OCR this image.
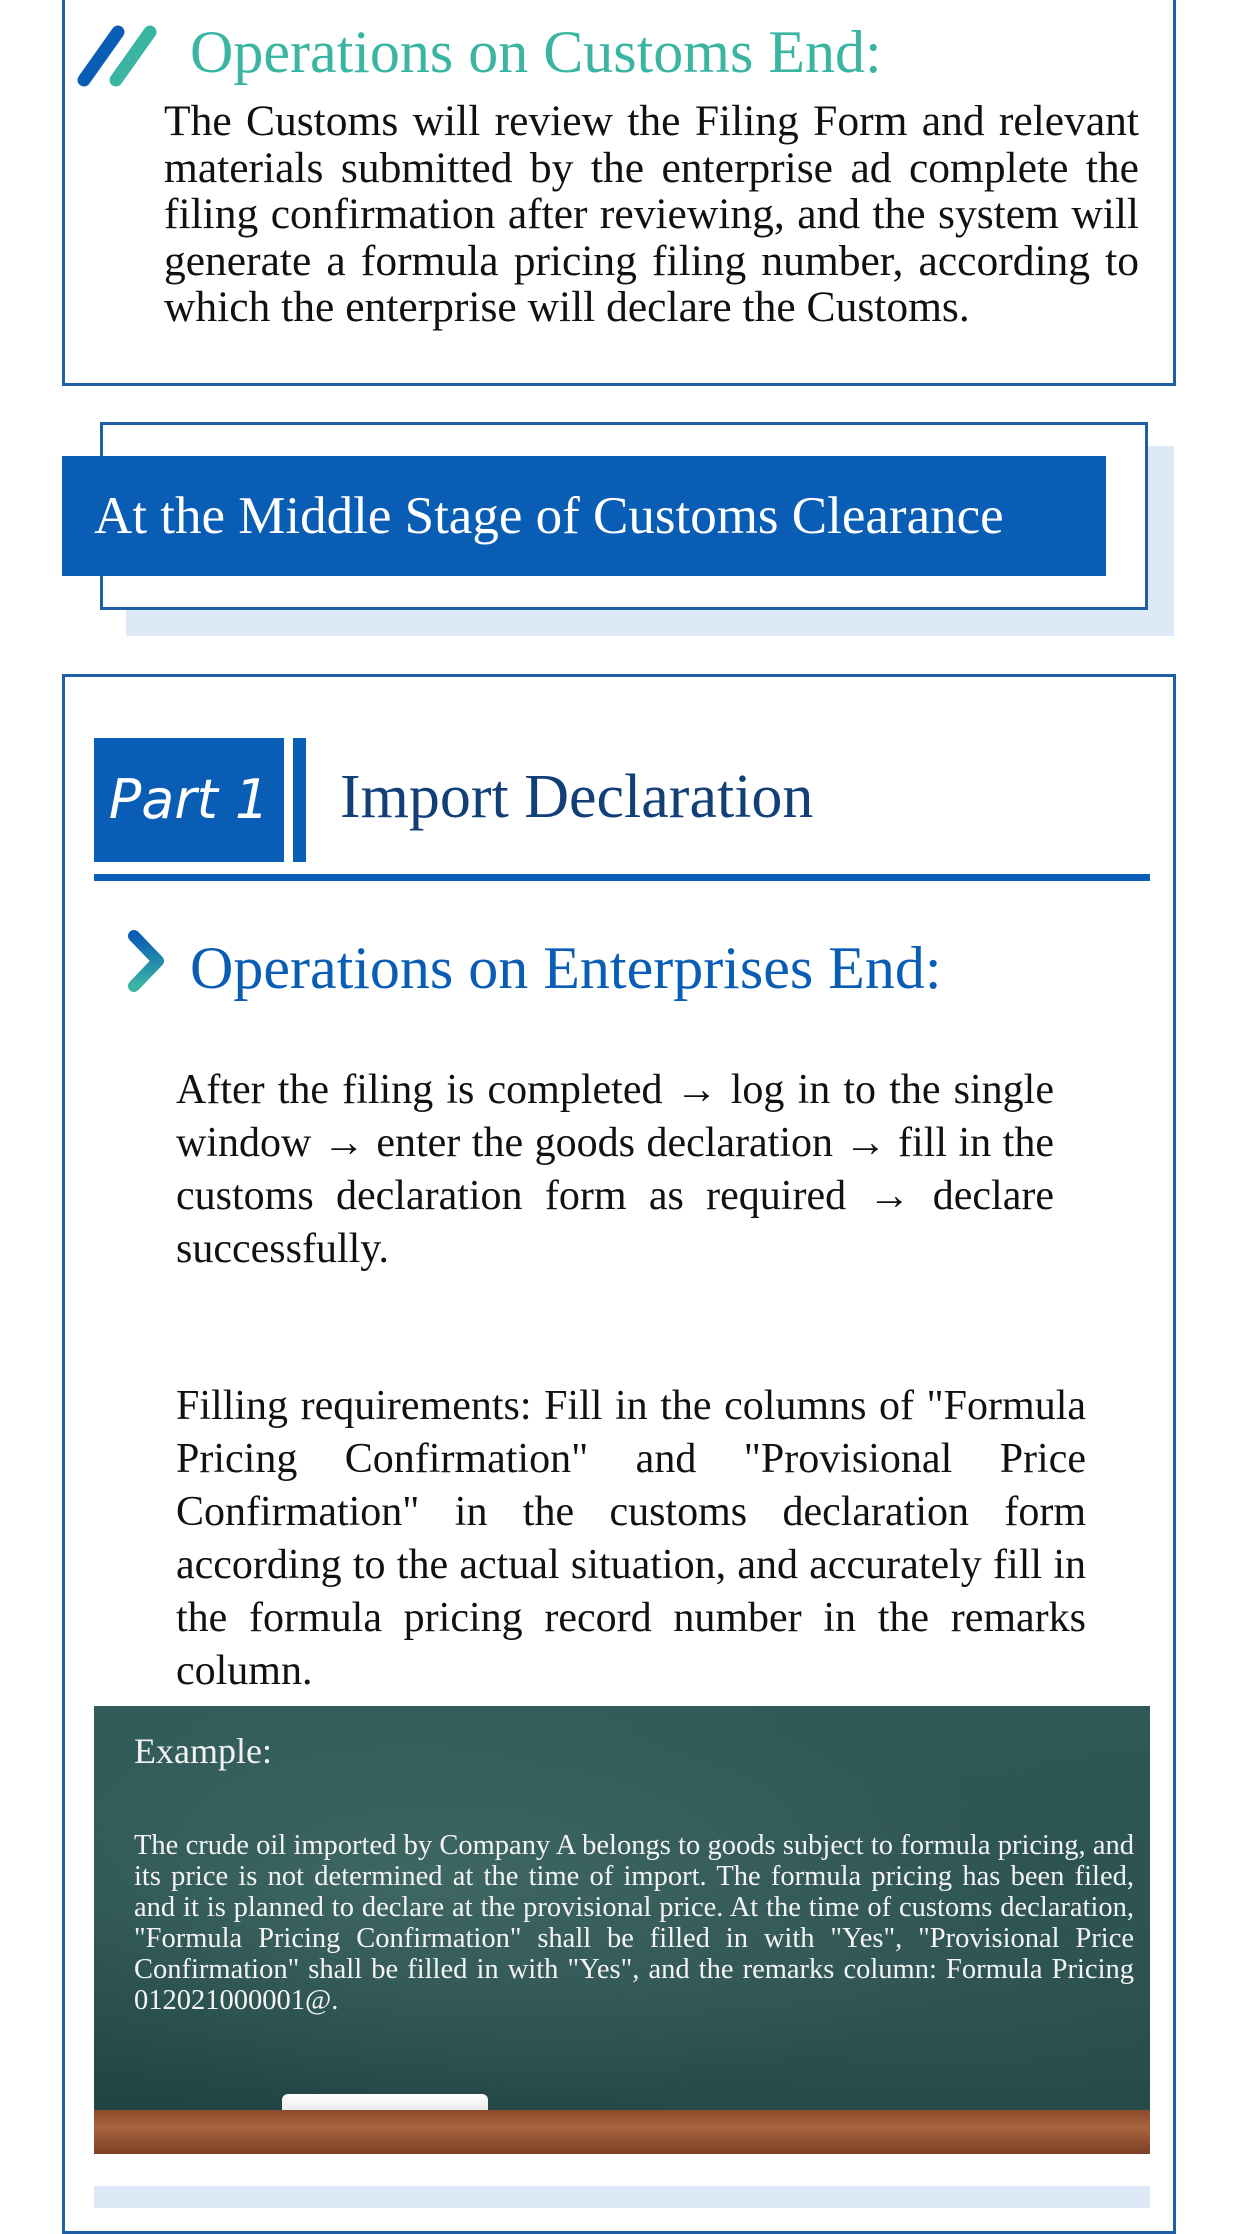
Operations on Customs End:
The Customs will review the Filing Form and relevant materials submitted by the enterprise ad complete the filing confirmation after reviewing, and the system will generate a formula pricing filing number, according to which the enterprise will declare the Customs.
At the Middle Stage of Customs Clearance
Part 1 Import Declaration
Operations on Enterprises End:
After the filing is completed → log in to the single window → enter the goods declaration → fill in the customs declaration form as required → declare successfully.
Filling requirements: Fill in the columns of "Formula Pricing Confirmation" and "Provisional Price Confirmation" in the customs declaration form according to the actual situation, and accurately fill in the formula pricing record number in the remarks column.
Example:
The crude oil imported by Company A belongs to goods subject to formula pricing, and its price is not determined at the time of import. The formula pricing has been filed, and it is planned to declare at the provisional price. At the time of customs declaration, "Formula Pricing Confirmation" shall be filled in with "Yes", "Provisional Price Confirmation" shall be filled in with "Yes", and the remarks column: Formula Pricing 012021000001@.
